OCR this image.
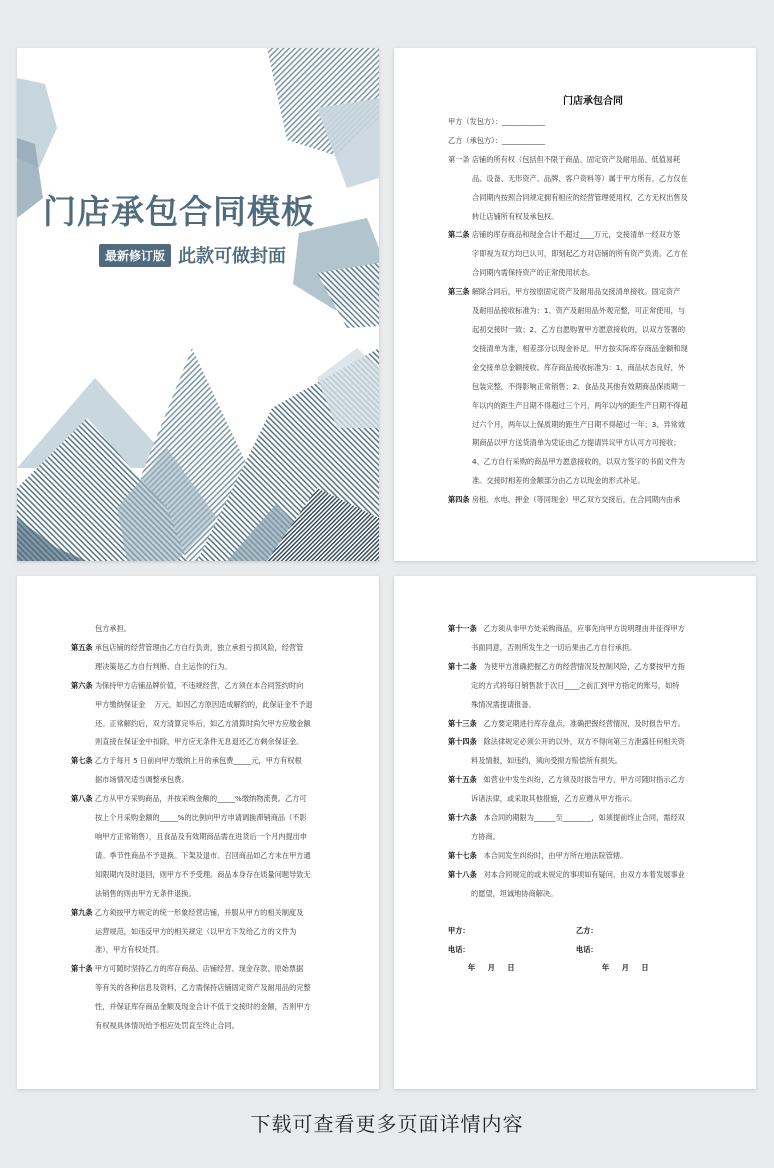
门店承包合同模板
最新修订版 此款可做封面
门店承包合同
甲方（发包方）：____________
乙方（承包方）：____________
第一条 店铺的所有权（包括但不限于商品、固定资产及耐用品、低值易耗
品、设备、无形资产、品牌、客户资料等）属于甲方所有，乙方仅在
合同期内按照合同规定拥有相应的经营管理使用权，乙方无权出售及
转让店铺所有权及承包权。
第二条 店铺的库存商品和现金合计不超过____万元，交接清单一经双方签
字即视为双方均已认可，即刻起乙方对店铺的所有资产负责。乙方在
合同期内需保持资产的正常使用状态。
第三条 解除合同后，甲方按原固定资产及耐用品交接清单接收。固定资产
及耐用品接收标准为：1、资产及耐用品外观完整，可正常使用，与
起初交接时一致；2、乙方自愿购置甲方愿意接收的，以双方签署的
交接清单为准，相差部分以现金补足。甲方按实际库存商品金额和现
金交接单总金额接收。库存商品接收标准为：1、商品状态良好，外
包装完整，不得影响正常销售；2、食品及其他有效期商品保质期一
年以内的距生产日期不得超过三个月，两年以内的距生产日期不得超
过六个月，两年以上保质期的距生产日期不得超过一年；3、异常效
期商品以甲方送货清单为凭证由乙方提请异议甲方认可方可接收；
4、乙方自行采购的商品甲方愿意接收的，以双方签字的书面文件为
准。交接时相差的金额部分由乙方以现金的形式补足。
第四条 房租、水电、押金（等同现金）甲乙双方交接后，在合同期内由承
包方承担。
第五条 承包店铺的经营管理由乙方自行负责，独立承担亏损风险，经营管
理决策是乙方自行判断、自主运作的行为。
第六条 为保持甲方店铺品牌价值，不违规经营，乙方须在本合同签约时向
甲方缴纳保证金    万元，如因乙方原因造成解约的，此保证金不予退
还。正常解约后，双方清算完毕后，如乙方清算时尚欠甲方应缴金额
则直接在保证金中扣除，甲方应无条件无息退还乙方剩余保证金。
第七条 乙方于每月 5 日前向甲方缴纳上月的承包费_____元，甲方有权根
据市场情况适当调整承包费。
第八条 乙方从甲方采购商品，并按采购金额的_____%缴纳物流费。乙方可
按上个月采购金额的_____%的比例向甲方申请调换滞销商品（不影
响甲方正常销售），且食品及有效期商品需在进货后一个月内提出申
请。季节性商品不予退换。下架及退市、召回商品如乙方未在甲方通
知限期内及时退回，则甲方不予受理。商品本身存在质量问题导致无
法销售的则由甲方无条件退换。
第九条 乙方须按甲方规定的统一形象经营店铺，并服从甲方的相关制度及
运营规范，如违反甲方的相关规定（以甲方下发给乙方的文件为
准），甲方有权处罚。
第十条 甲方可随时坚持乙方的库存商品、店铺经营、现金存款、原始票据
等有关的各种信息及资料，乙方需保持店铺固定资产及耐用品的完整
性，并保证库存商品金额及现金合计不低于交接时的金额，否则甲方
有权视具体情况给予相应处罚直至终止合同。
第十一条   乙方须从非甲方处采购商品，应事先向甲方说明理由并征得甲方
书面同意，否则所发生之一切后果由乙方自行承担。
第十二条   为使甲方准确把握乙方的经营情况及控制风险，乙方要按甲方指
定的方式将每日销售款于次日____之前汇到甲方指定的账号，如特
殊情况需提请报备。
第十三条   乙方要定期进行库存盘点，准确把握经营情况，及时报告甲方。
第十四条   除法律规定必须公开的以外，双方不得向第三方泄露任何相关资
料及情报，如违约，须向受损方赔偿所有损失。
第十五条   如营业中发生纠纷，乙方须及时报告甲方，甲方可随时指示乙方
诉诸法律，或采取其他措施，乙方应遵从甲方指示。
第十六条   本合同的期限为______至________，如须提前终止合同，需经双
方协商。
第十七条   本合同发生纠纷时，由甲方所在地法院管辖。
第十八条   对本合同规定的或未规定的事项如有疑问，由双方本着发展事业
的愿望，坦诚地协商解决。
甲方：	乙方：
电话：	电话：
年     月     日	年     月     日
下载可查看更多页面详情内容
